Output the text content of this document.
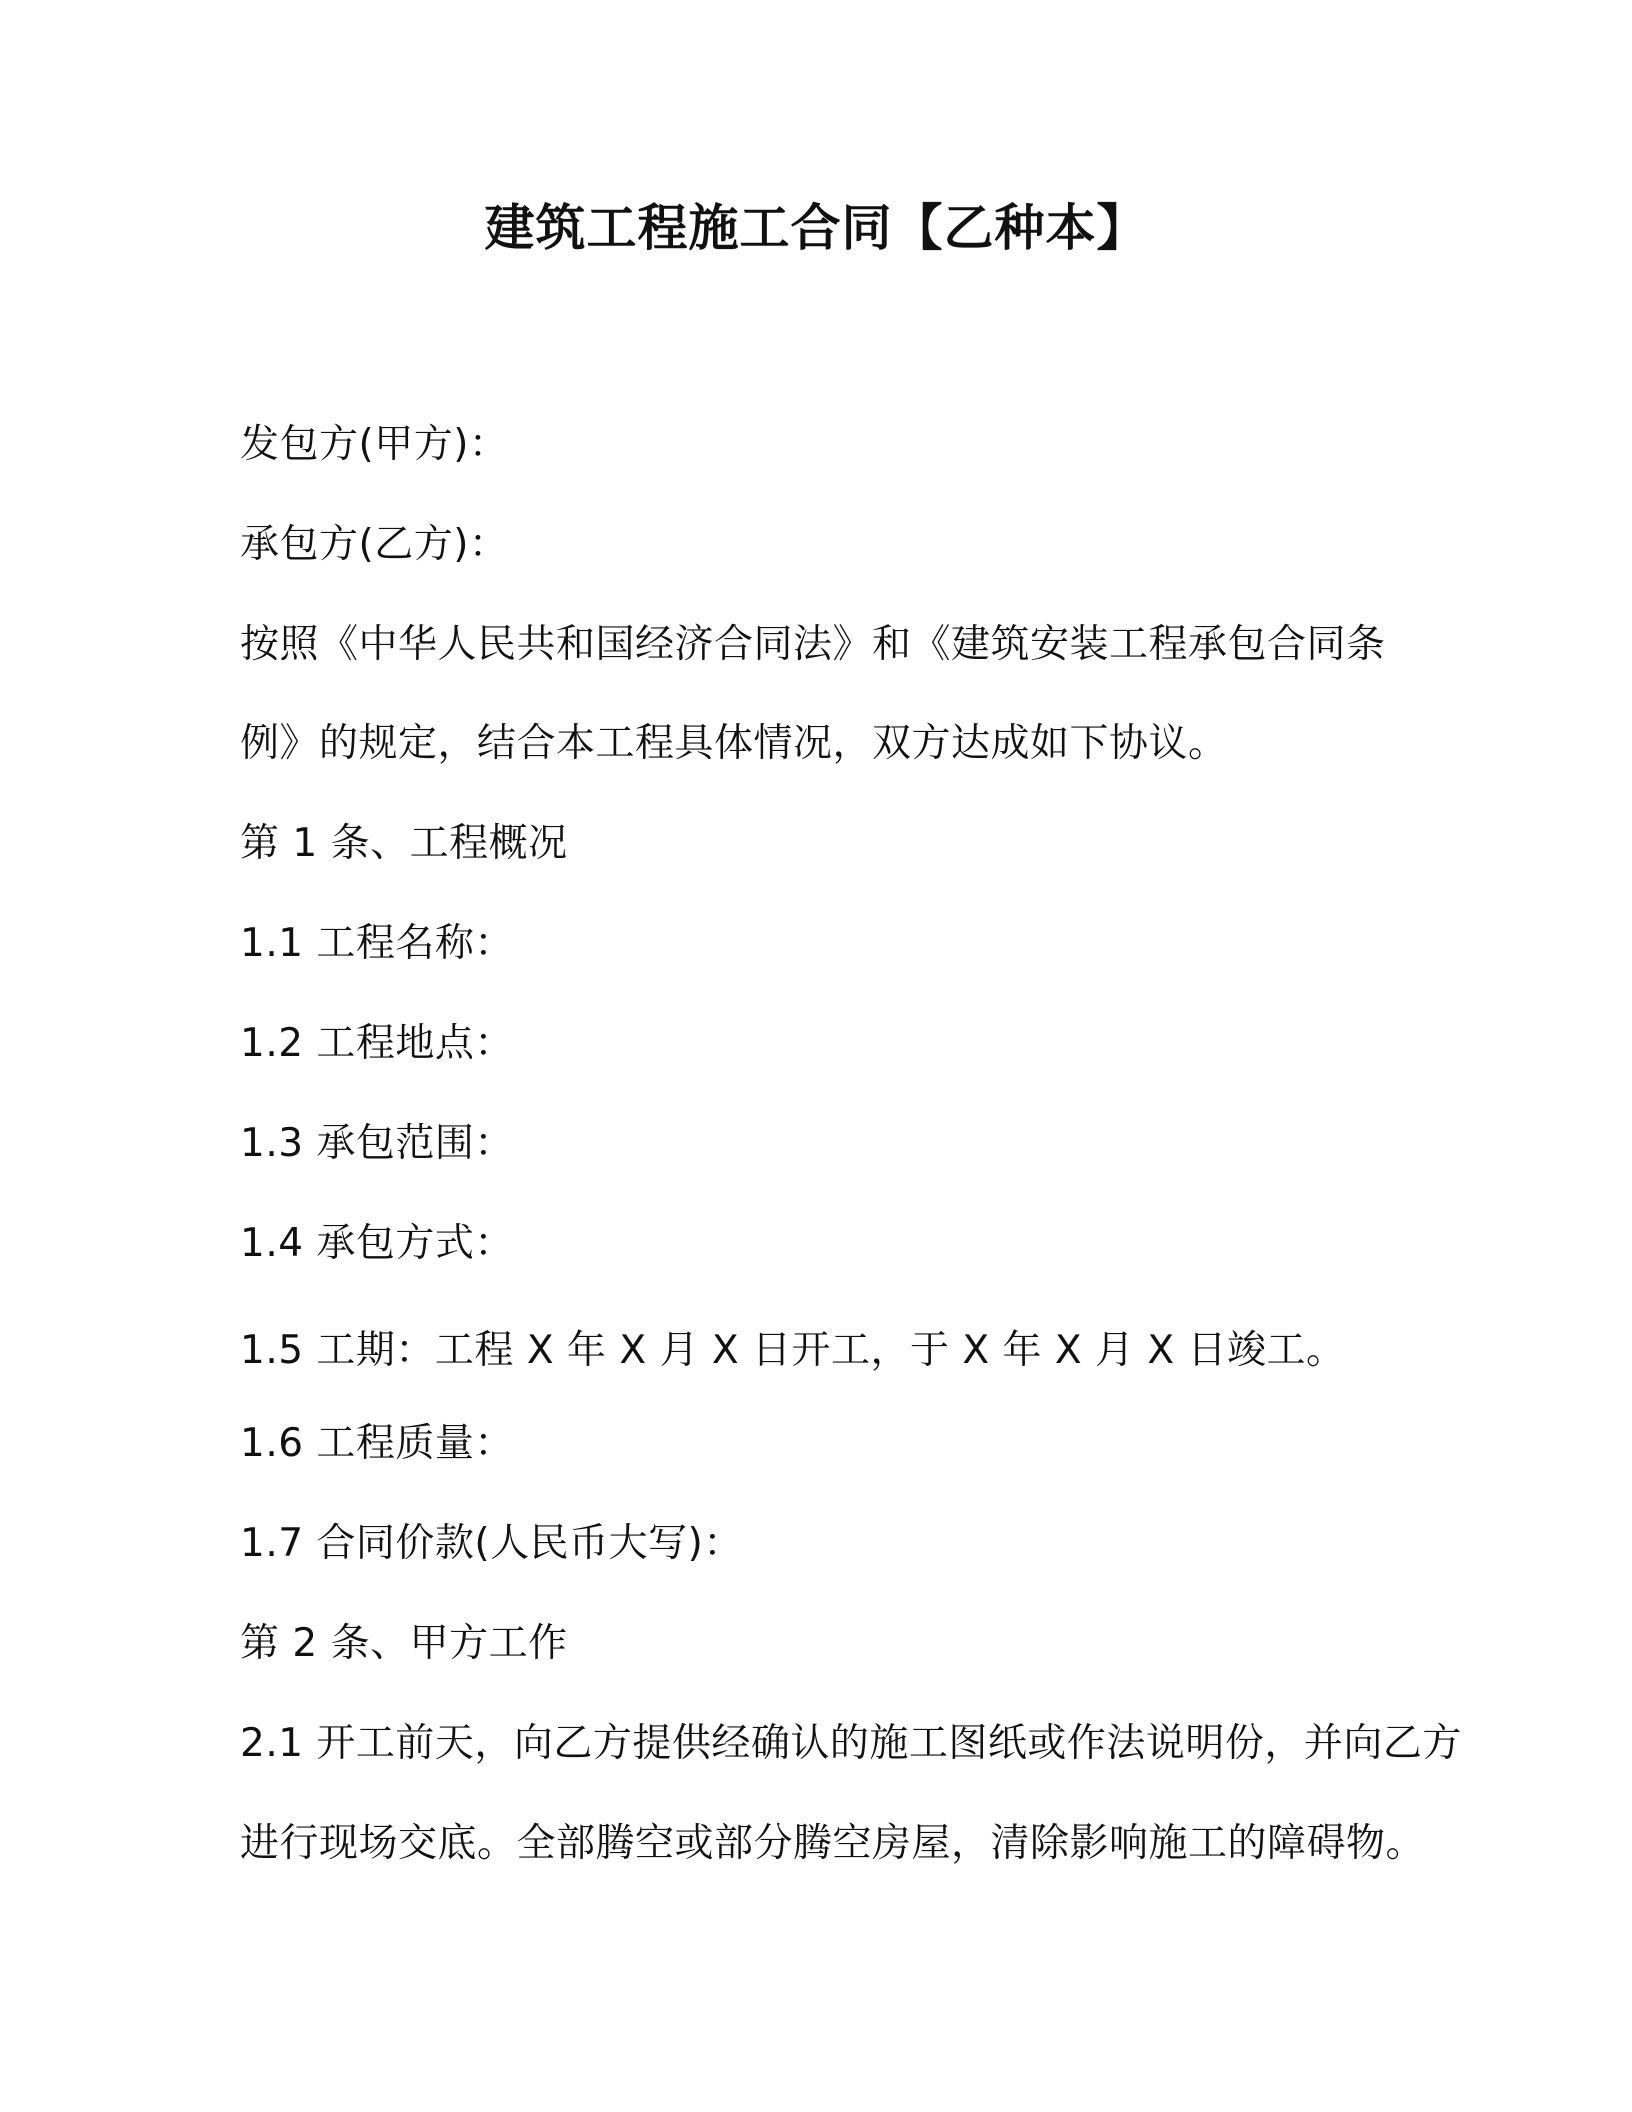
建筑工程施工合同【乙种本】
发包方(甲方)：
承包方(乙方)：
按照《中华人民共和国经济合同法》和《建筑安装工程承包合同条
例》的规定，结合本工程具体情况，双方达成如下协议。
第 1 条、工程概况
1.1 工程名称：
1.2 工程地点：
1.3 承包范围：
1.4 承包方式：
1.5 工期：工程 X 年 X 月 X 日开工，于 X 年 X 月 X 日竣工。
1.6 工程质量：
1.7 合同价款(人民币大写)：
第 2 条、甲方工作
2.1 开工前天，向乙方提供经确认的施工图纸或作法说明份，并向乙方
进行现场交底。全部腾空或部分腾空房屋，清除影响施工的障碍物。
